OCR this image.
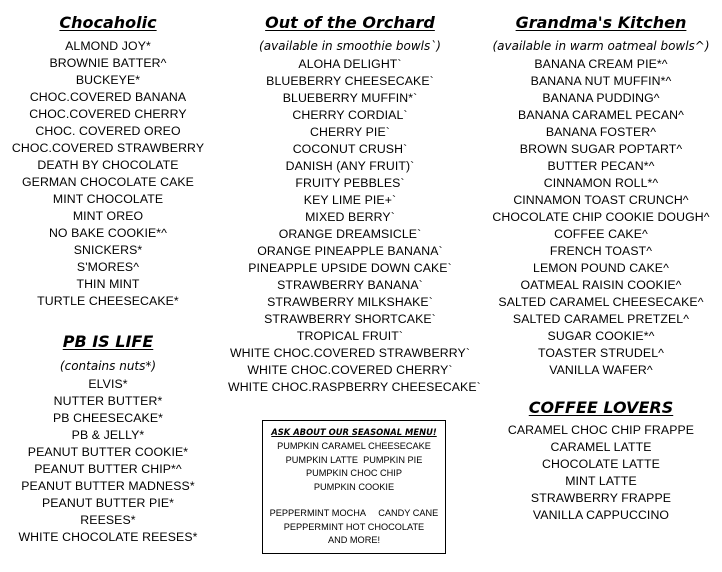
Chocaholic
ALMOND JOY*
BROWNIE BATTER^
BUCKEYE*
CHOC.COVERED BANANA
CHOC.COVERED CHERRY
CHOC. COVERED OREO
CHOC.COVERED STRAWBERRY
DEATH BY CHOCOLATE
GERMAN CHOCOLATE CAKE
MINT CHOCOLATE
MINT OREO
NO BAKE COOKIE*^
SNICKERS*
S'MORES^
THIN MINT
TURTLE CHEESECAKE*
PB IS LIFE
(contains nuts*)
ELVIS*
NUTTER BUTTER*
PB CHEESECAKE*
PB & JELLY*
PEANUT BUTTER COOKIE*
PEANUT BUTTER CHIP*^
PEANUT BUTTER MADNESS*
PEANUT BUTTER PIE*
REESES*
WHITE CHOCOLATE REESES*
Out of the Orchard
(available in smoothie bowls`)
ALOHA DELIGHT`
BLUEBERRY CHEESECAKE`
BLUEBERRY MUFFIN*`
CHERRY CORDIAL`
CHERRY PIE`
COCONUT CRUSH`
DANISH (ANY FRUIT)`
FRUITY PEBBLES`
KEY LIME PIE+`
MIXED BERRY`
ORANGE DREAMSICLE`
ORANGE PINEAPPLE BANANA`
PINEAPPLE UPSIDE DOWN CAKE`
STRAWBERRY BANANA`
STRAWBERRY MILKSHAKE`
STRAWBERRY SHORTCAKE`
TROPICAL FRUIT`
WHITE CHOC.COVERED STRAWBERRY`
WHITE CHOC.COVERED CHERRY`
WHITE CHOC.RASPBERRY CHEESECAKE`
ASK ABOUT OUR SEASONAL MENU!
PUMPKIN CARAMEL CHEESECAKE
PUMPKIN LATTE  PUMPKIN PIE
PUMPKIN CHOC CHIP
PUMPKIN COOKIE
PEPPERMINT MOCHA     CANDY CANE
PEPPERMINT HOT CHOCOLATE
AND MORE!
Grandma's Kitchen
(available in warm oatmeal bowls^)
BANANA CREAM PIE*^
BANANA NUT MUFFIN*^
BANANA PUDDING^
BANANA CARAMEL PECAN^
BANANA FOSTER^
BROWN SUGAR POPTART^
BUTTER PECAN*^
CINNAMON ROLL*^
CINNAMON TOAST CRUNCH^
CHOCOLATE CHIP COOKIE DOUGH^
COFFEE CAKE^
FRENCH TOAST^
LEMON POUND CAKE^
OATMEAL RAISIN COOKIE^
SALTED CARAMEL CHEESECAKE^
SALTED CARAMEL PRETZEL^
SUGAR COOKIE*^
TOASTER STRUDEL^
VANILLA WAFER^
COFFEE LOVERS
CARAMEL CHOC CHIP FRAPPE
CARAMEL LATTE
CHOCOLATE LATTE
MINT LATTE
STRAWBERRY FRAPPE
VANILLA CAPPUCCINO
